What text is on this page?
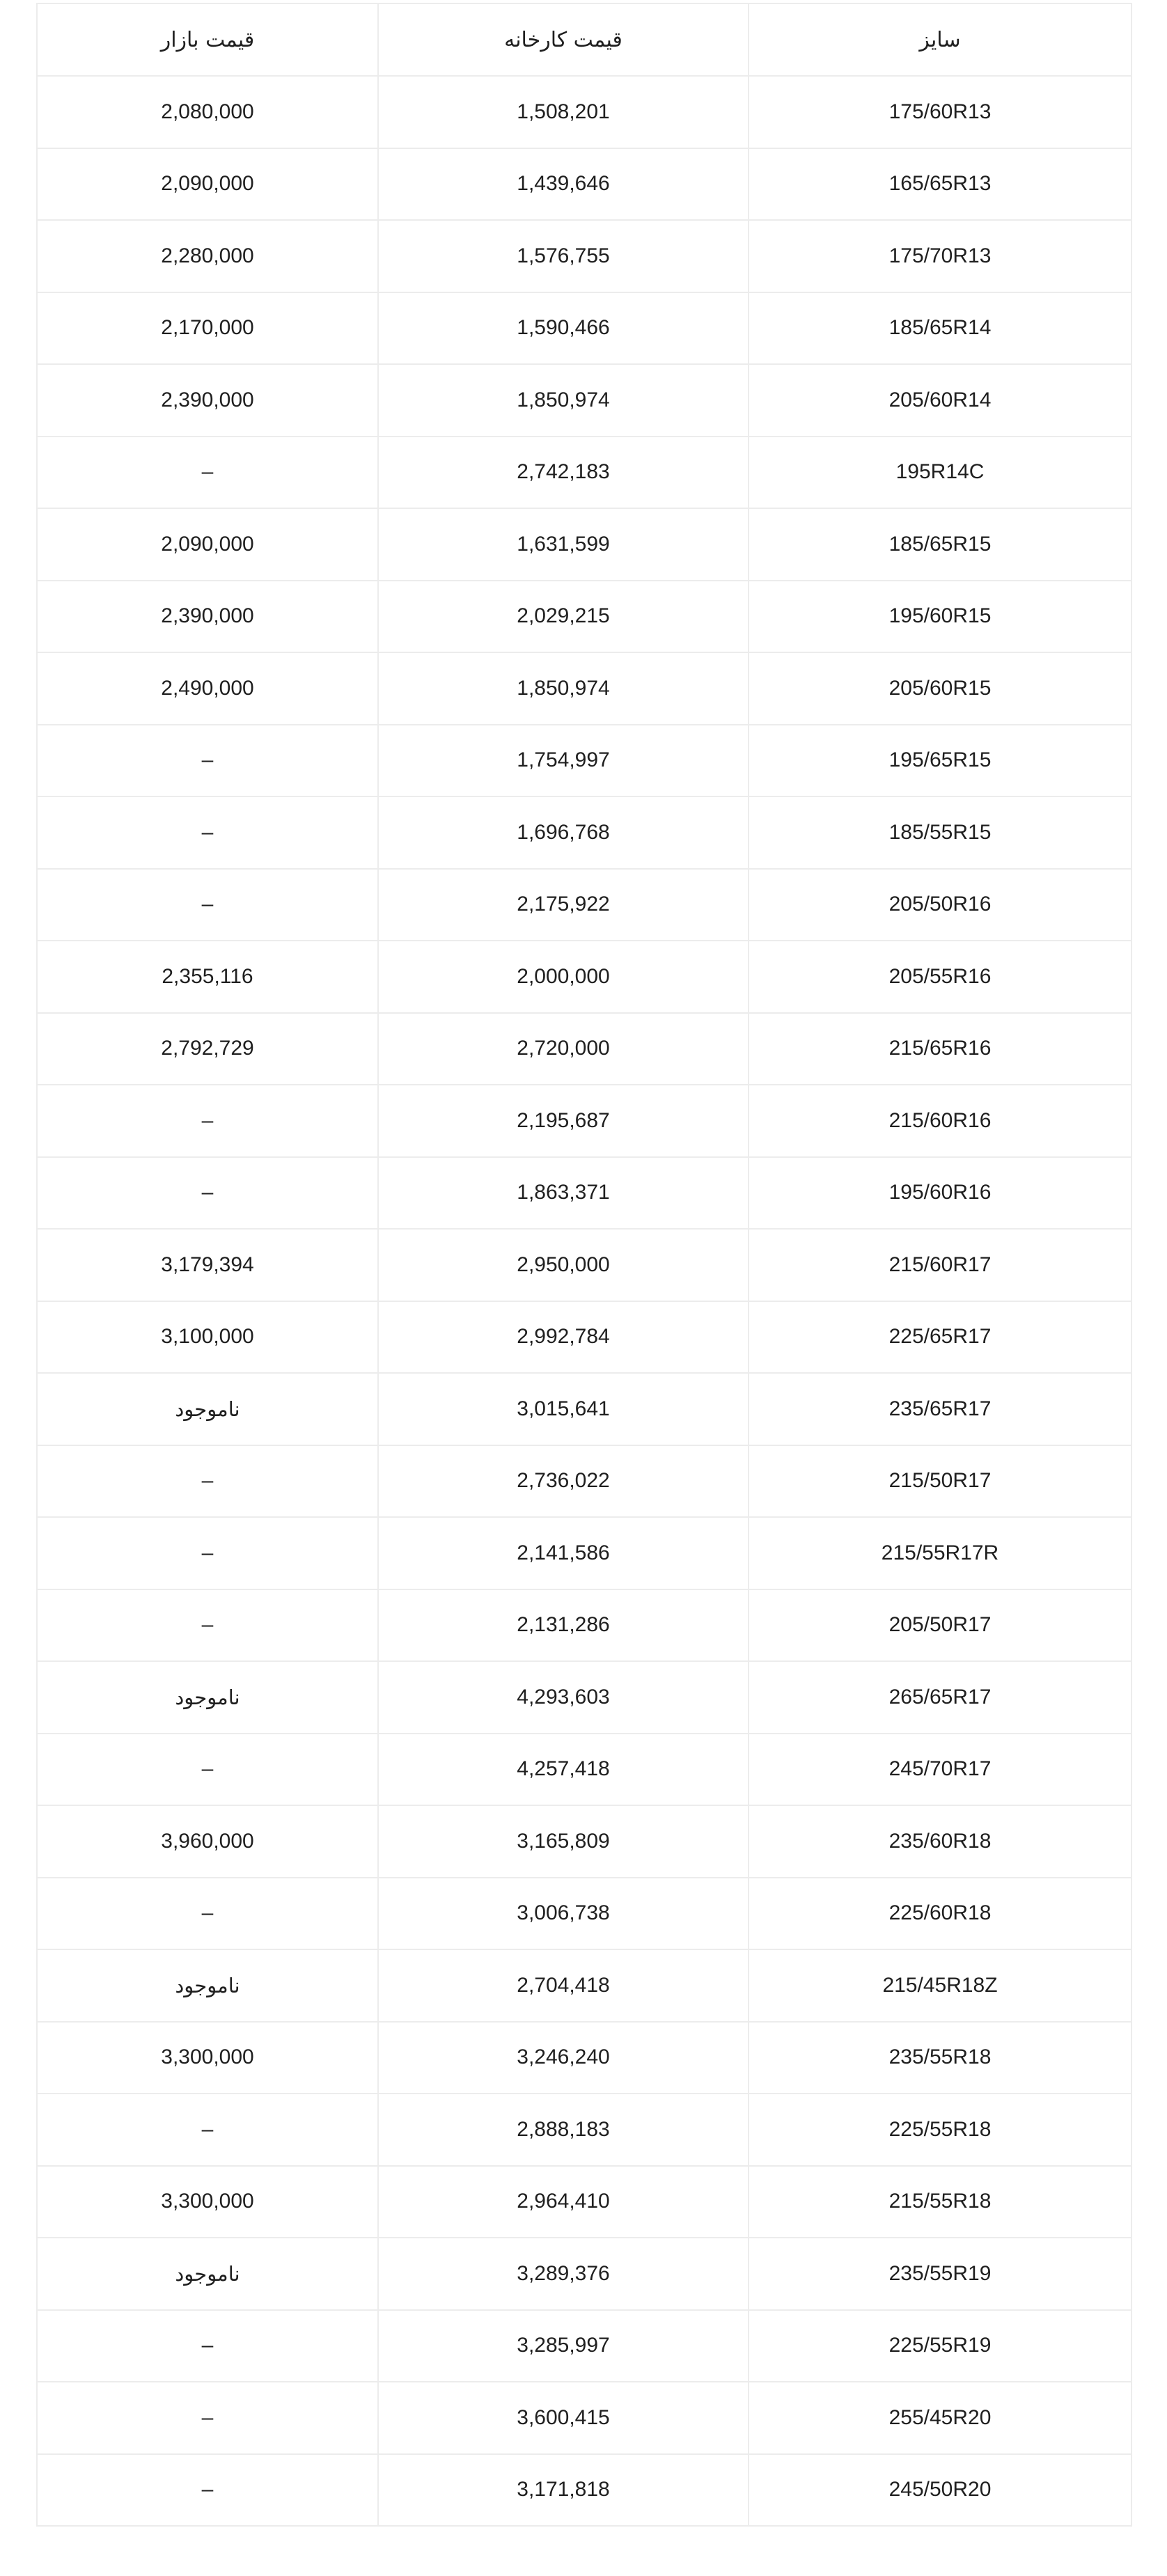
سایز	قیمت کارخانه	قیمت بازار
175/60R13	1,508,201	2,080,000
165/65R13	1,439,646	2,090,000
175/70R13	1,576,755	2,280,000
185/65R14	1,590,466	2,170,000
205/60R14	1,850,974	2,390,000
195R14C	2,742,183	–
185/65R15	1,631,599	2,090,000
195/60R15	2,029,215	2,390,000
205/60R15	1,850,974	2,490,000
195/65R15	1,754,997	–
185/55R15	1,696,768	–
205/50R16	2,175,922	–
205/55R16	2,000,000	2,355,116
215/65R16	2,720,000	2,792,729
215/60R16	2,195,687	–
195/60R16	1,863,371	–
215/60R17	2,950,000	3,179,394
225/65R17	2,992,784	3,100,000
235/65R17	3,015,641	ناموجود
215/50R17	2,736,022	–
215/55R17R	2,141,586	–
205/50R17	2,131,286	–
265/65R17	4,293,603	ناموجود
245/70R17	4,257,418	–
235/60R18	3,165,809	3,960,000
225/60R18	3,006,738	–
215/45R18Z	2,704,418	ناموجود
235/55R18	3,246,240	3,300,000
225/55R18	2,888,183	–
215/55R18	2,964,410	3,300,000
235/55R19	3,289,376	ناموجود
225/55R19	3,285,997	–
255/45R20	3,600,415	–
245/50R20	3,171,818	–
